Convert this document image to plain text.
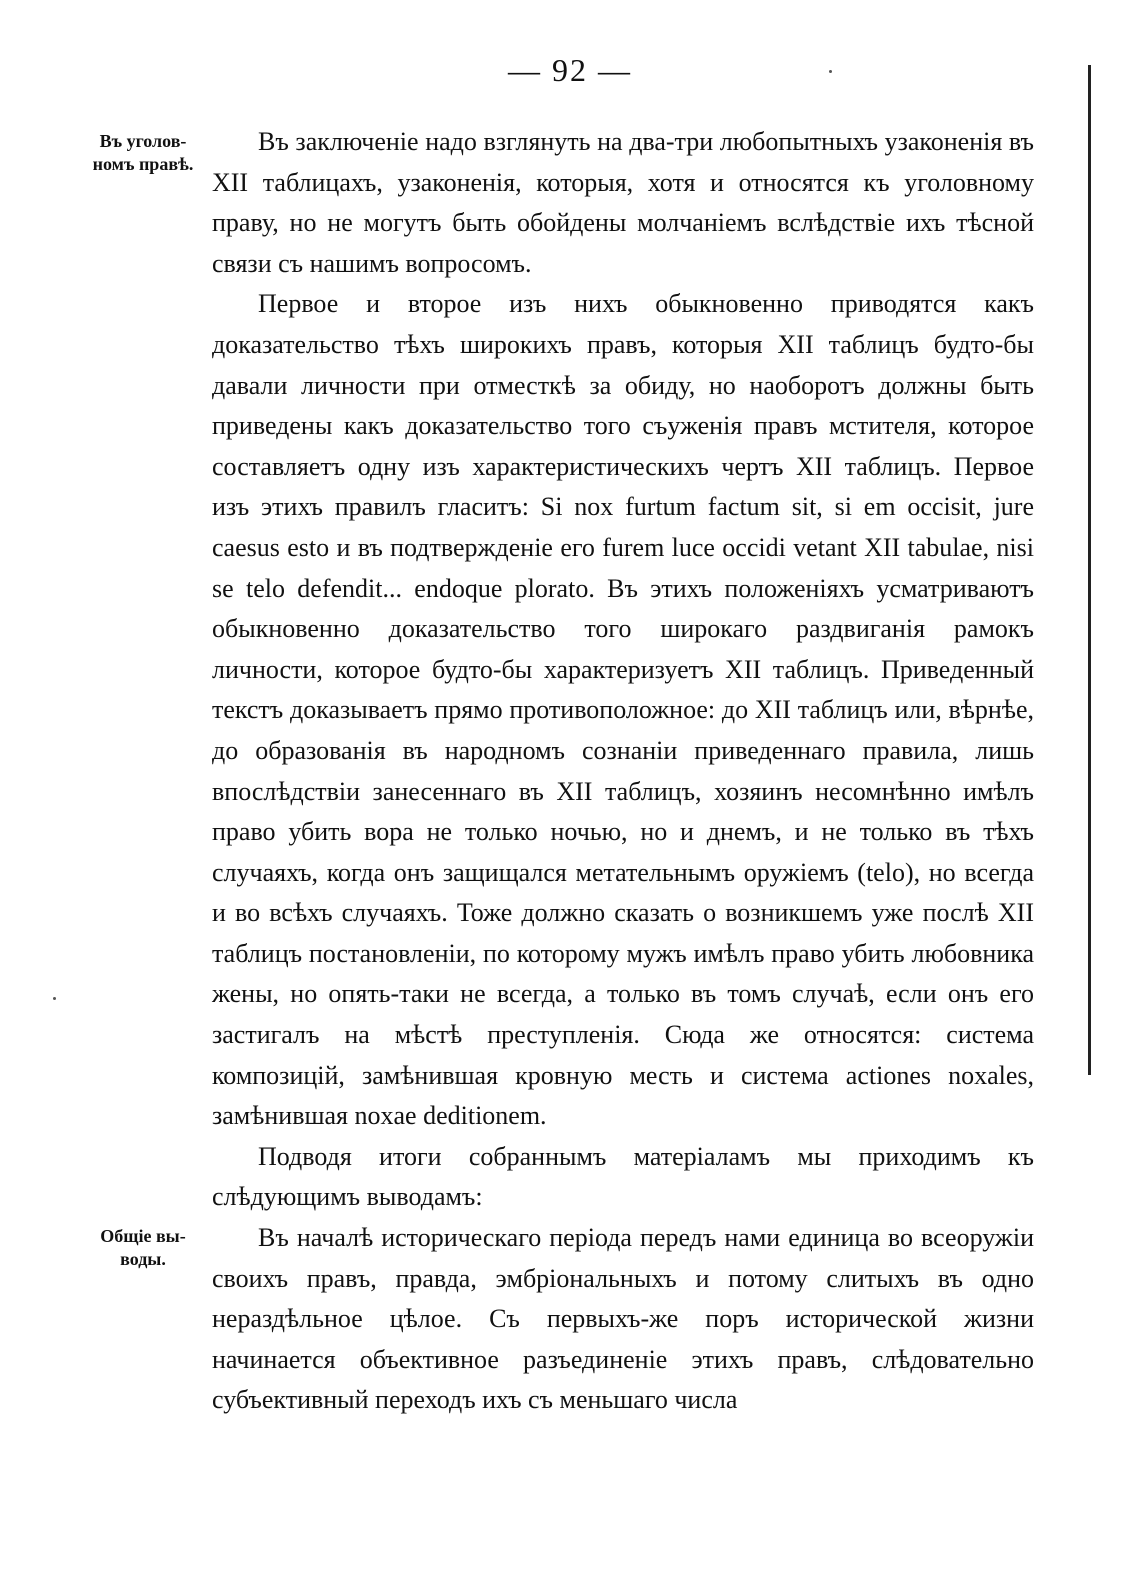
— 92 —
Въ уголов-
номъ правѣ.
Общіе вы-
воды.

Въ заключеніе надо взглянуть на два-три любопытныхъ узаконенія въ XII таблицахъ, узаконенія, которыя, хотя и относятся къ уголовному праву, но не могутъ быть обойдены молчаніемъ вслѣдствіе ихъ тѣсной связи съ нашимъ вопросомъ.

Первое и второе изъ нихъ обыкновенно приводятся какъ доказательство тѣхъ широкихъ правъ, которыя XII таблицъ будто-бы давали личности при отместкѣ за обиду, но наоборотъ должны быть приведены какъ доказательство того съуженія правъ мстителя, которое составляетъ одну изъ характеристическихъ чертъ XII таблицъ. Первое изъ этихъ правилъ гласитъ: Si nox furtum factum sit, si em occisit, jure caesus esto и въ подтвержденіе его furem luce occidi vetant XII tabulae, nisi se telo defendit... endoque plorato. Въ этихъ положеніяхъ усматриваютъ обыкновенно доказательство того широкаго раздвиганія рамокъ личности, которое будто-бы характеризуетъ XII таблицъ. Приведенный текстъ доказываетъ прямо противоположное: до XII таблицъ или, вѣрнѣе, до образованія въ народномъ сознаніи приведеннаго правила, лишь впослѣдствіи занесеннаго въ XII таблицъ, хозяинъ несомнѣнно имѣлъ право убить вора не только ночью, но и днемъ, и не только въ тѣхъ случаяхъ, когда онъ защищался метательнымъ оружіемъ (telo), но всегда и во всѣхъ случаяхъ. Тоже должно сказать о возникшемъ уже послѣ XII таблицъ постановленіи, по которому мужъ имѣлъ право убить любовника жены, но опять-таки не всегда, а только въ томъ случаѣ, если онъ его застигалъ на мѣстѣ преступленія. Сюда же относятся: система композицій, замѣнившая кровную месть и система actiones noxales, замѣнившая noxae deditionem.

Подводя итоги собраннымъ матеріаламъ мы приходимъ къ слѣдующимъ выводамъ:

Въ началѣ историческаго періода передъ нами единица во всеоружіи своихъ правъ, правда, эмбріональныхъ и потому слитыхъ въ одно нераздѣльное цѣлое. Съ первыхъ-же поръ исторической жизни начинается объективное разъединеніе этихъ правъ, слѣдовательно субъективный переходъ ихъ съ меньшаго числа
